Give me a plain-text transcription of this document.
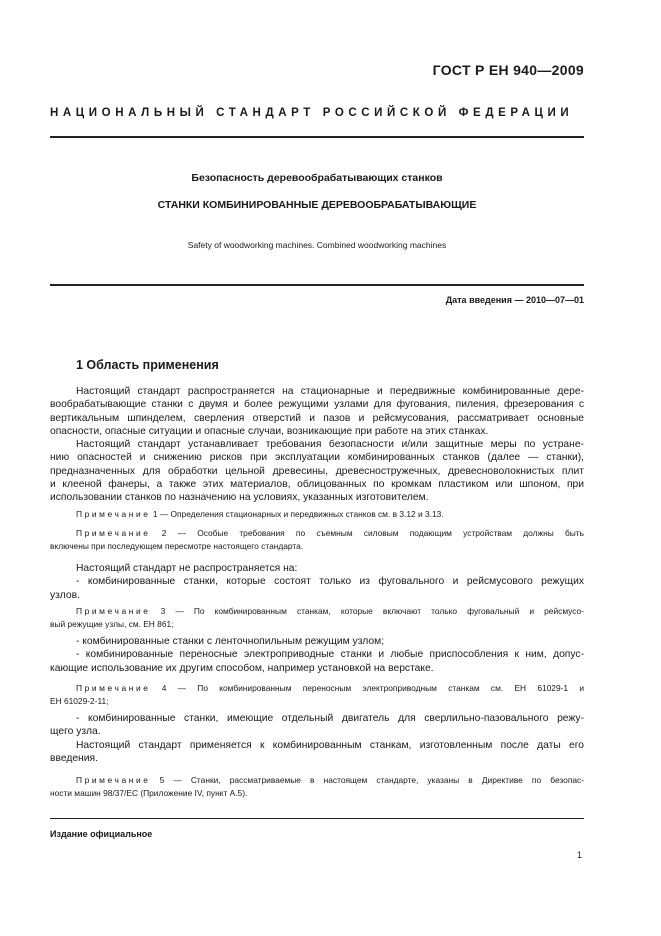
ГОСТ Р ЕН 940—2009
НАЦИОНАЛЬНЫЙ СТАНДАРТ РОССИЙСКОЙ ФЕДЕРАЦИИ
Безопасность деревообрабатывающих станков
СТАНКИ КОМБИНИРОВАННЫЕ ДЕРЕВООБРАБАТЫВАЮЩИЕ
Safety of woodworking machines. Combined woodworking machines
Дата введения — 2010—07—01
1 Область применения
Настоящий стандарт распространяется на стационарные и передвижные комбинированные дере-
вообрабатывающие станки с двумя и более режущими узлами для фугования, пиления, фрезерования с
вертикальным шпинделем, сверления отверстий и пазов и рейсмусования, рассматривает основные
опасности, опасные ситуации и опасные случаи, возникающие при работе на этих станках.
Настоящий стандарт устанавливает требования безопасности и/или защитные меры по устране-
нию опасностей и снижению рисков при эксплуатации комбинированных станков (далее — станки),
предназначенных для обработки цельной древесины, древесностружечных, древесноволокнистых плит
и клееной фанеры, а также этих материалов, облицованных по кромкам пластиком или шпоном, при
использовании станков по назначению на условиях, указанных изготовителем.
Примечание 1 — Определения стационарных и передвижных станков см. в 3.12 и 3.13.
Примечание 2 — Особые требования по съемным силовым подающим устройствам должны быть
включены при последующем пересмотре настоящего стандарта.
Настоящий стандарт не распространяется на:
- комбинированные станки, которые состоят только из фуговального и рейсмусового режущих
узлов.
Примечание 3 — По комбинированным станкам, которые включают только фуговальный и рейсмусо-
вый режущие узлы, см. ЕН 861;
- комбинированные станки с ленточнопильным режущим узлом;
- комбинированные переносные электроприводные станки и любые приспособления к ним, допус-
кающие использование их другим способом, например установкой на верстаке.
Примечание 4 — По комбинированным переносным электроприводным станкам см. ЕН 61029-1 и
ЕН 61029-2-11;
- комбинированные станки, имеющие отдельный двигатель для сверлильно-пазовального режу-
щего узла.
Настоящий стандарт применяется к комбинированным станкам, изготовленным после даты его
введения.
Примечание 5 — Станки, рассматриваемые в настоящем стандарте, указаны в Директиве по безопас-
ности машин 98/37/ЕС (Приложение IV, пункт А.5).
Издание официальное
1
